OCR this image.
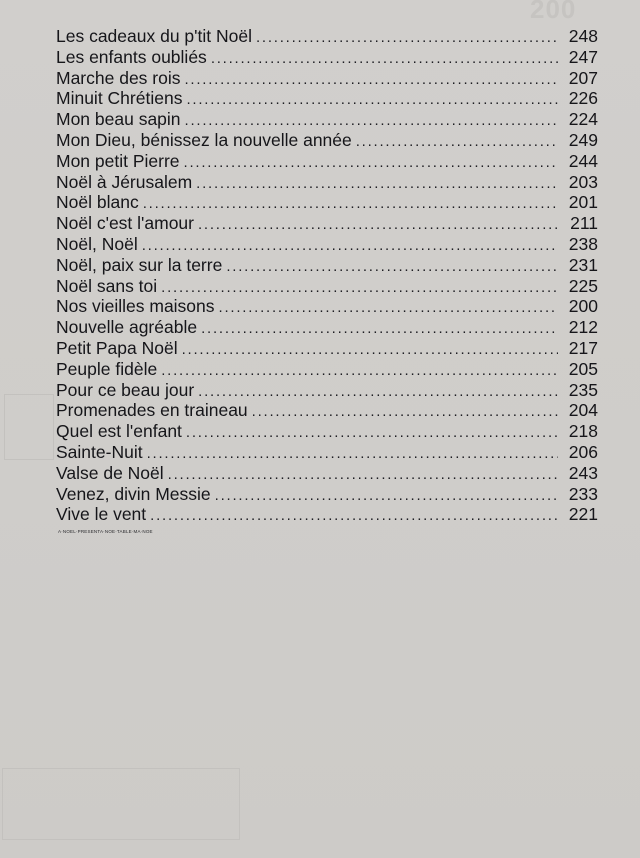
200
Les cadeaux du p'tit Noël . . .	248
Les enfants oubliés . . .	247
Marche des rois . . .	207
Minuit Chrétiens . . .	226
Mon beau sapin . . .	224
Mon Dieu, bénissez la nouvelle année . . .	249
Mon petit Pierre . . .	244
Noël à Jérusalem . . .	203
Noël blanc . . .	201
Noël c'est l'amour . . .	211
Noël, Noël . . .	238
Noël, paix sur la terre . . .	231
Noël sans toi . . .	225
Nos vieilles maisons . . .	200
Nouvelle agréable . . .	212
Petit Papa Noël . . .	217
Peuple fidèle . . .	205
Pour ce beau jour . . .	235
Promenades en traineau . . .	204
Quel est l'enfant . . .	218
Sainte-Nuit . . .	206
Valse de Noël . . .	243
Venez, divin Messie . . .	233
Vive le vent . . .	221
A·NOEL·PRESENTA·NOE·TABLE·MA·NOE
